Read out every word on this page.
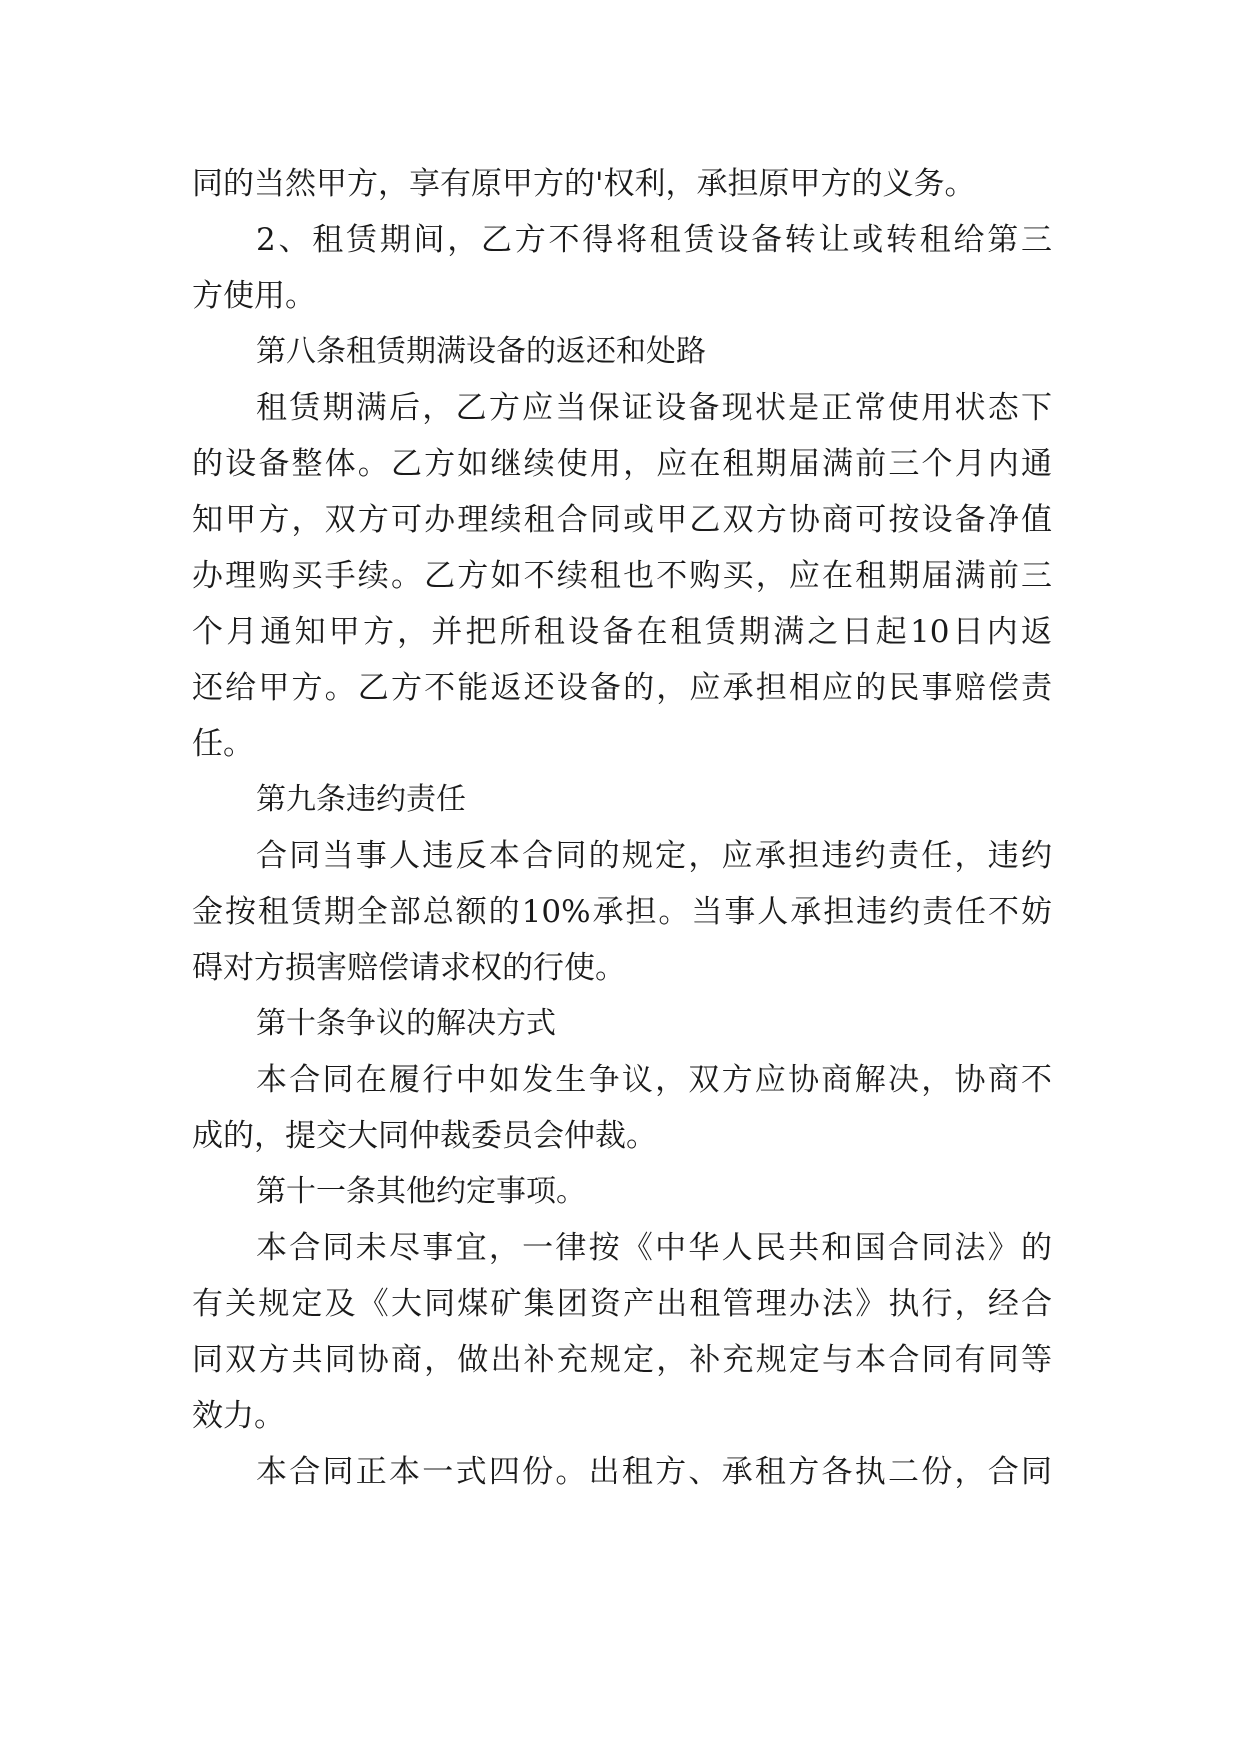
同的当然甲方，享有原甲方的'权利，承担原甲方的义务。
2、租赁期间，乙方不得将租赁设备转让或转租给第三
方使用。
第八条租赁期满设备的返还和处路
租赁期满后，乙方应当保证设备现状是正常使用状态下
的设备整体。乙方如继续使用，应在租期届满前三个月内通
知甲方，双方可办理续租合同或甲乙双方协商可按设备净值
办理购买手续。乙方如不续租也不购买，应在租期届满前三
个月通知甲方，并把所租设备在租赁期满之日起10日内返
还给甲方。乙方不能返还设备的，应承担相应的民事赔偿责
任。
第九条违约责任
合同当事人违反本合同的规定，应承担违约责任，违约
金按租赁期全部总额的10%承担。当事人承担违约责任不妨
碍对方损害赔偿请求权的行使。
第十条争议的解决方式
本合同在履行中如发生争议，双方应协商解决，协商不
成的，提交大同仲裁委员会仲裁。
第十一条其他约定事项。
本合同未尽事宜，一律按《中华人民共和国合同法》的
有关规定及《大同煤矿集团资产出租管理办法》执行，经合
同双方共同协商，做出补充规定，补充规定与本合同有同等
效力。
本合同正本一式四份。出租方、承租方各执二份，合同
